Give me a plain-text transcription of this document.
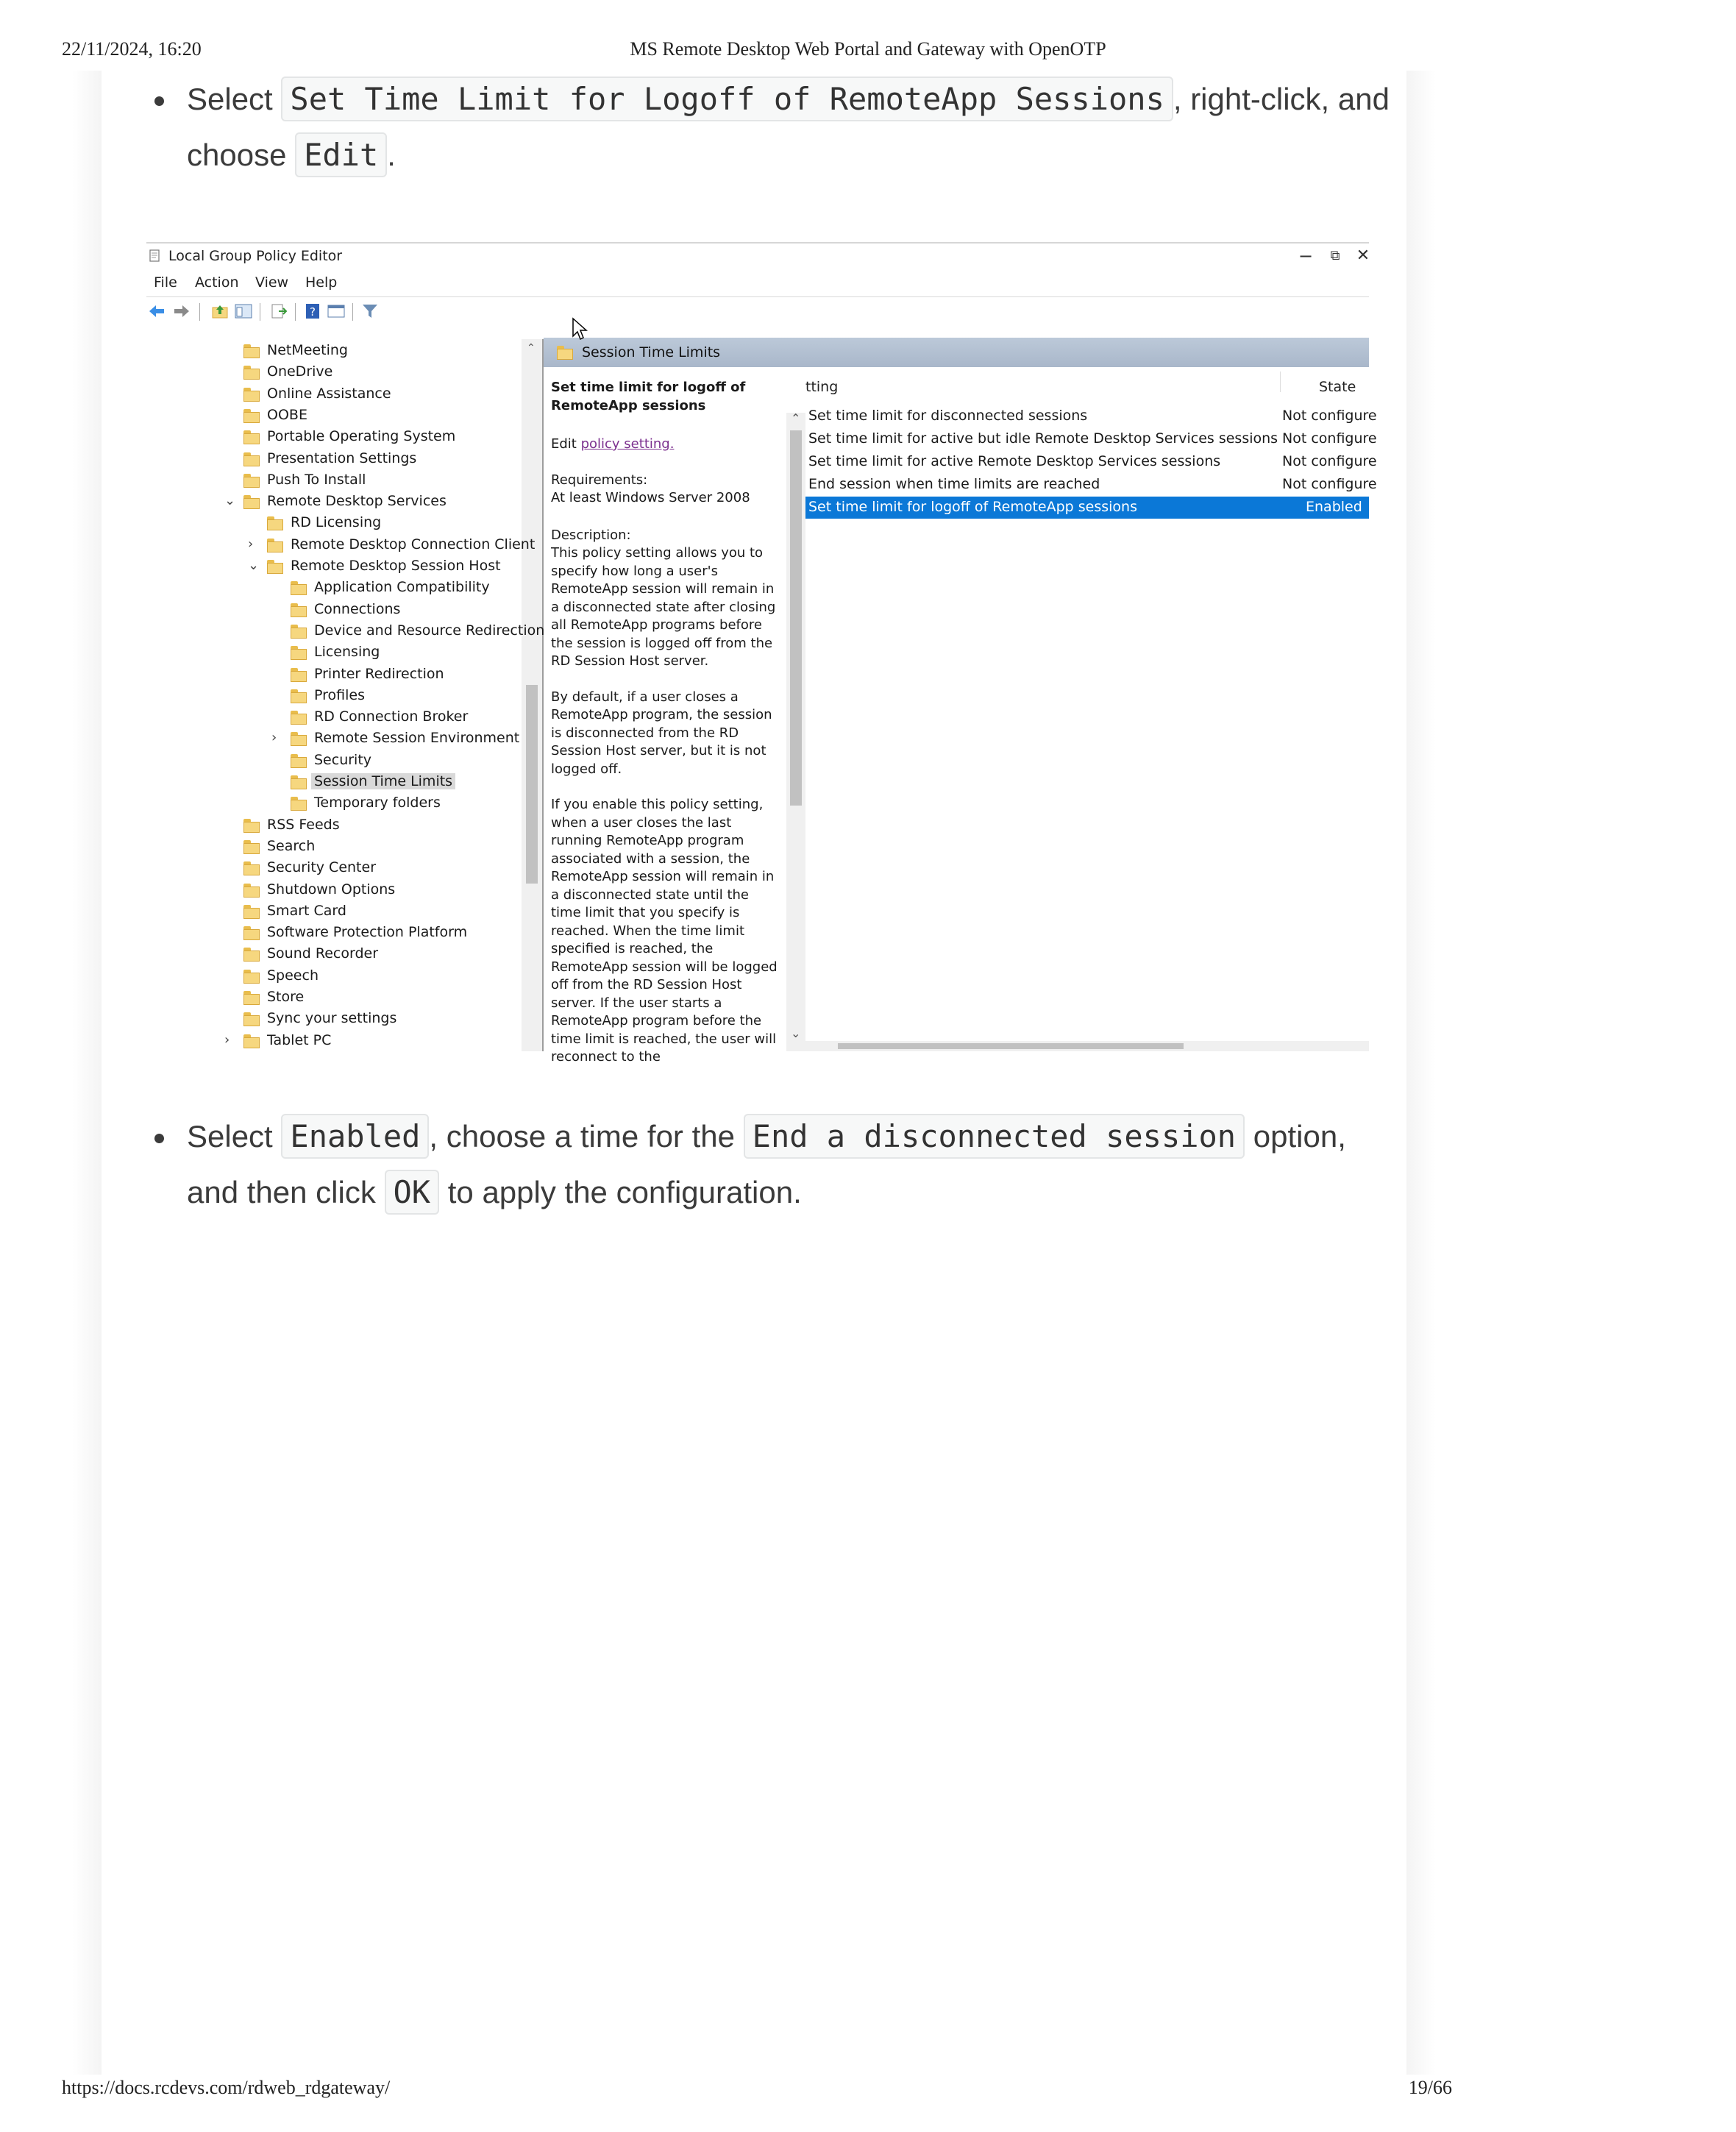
22/11/2024, 16:20	MS Remote Desktop Web Portal and Gateway with OpenOTP
Select Set Time Limit for Logoff of RemoteApp Sessions , right-click, and
choose Edit .
Local Group Policy Editor	−	⧉	✕
File Action View Help
?
⌃	Session Time Limits

Set time limit for logoff of RemoteApp sessions

Edit policy setting.

Requirements:

At least Windows Server 2008

Description:

This policy setting allows you to specify how long a user's RemoteApp session will remain in a disconnected state after closing all RemoteApp programs before the session is logged off from the RD Session Host server.

By default, if a user closes a RemoteApp program, the session is disconnected from the RD Session Host server, but it is not logged off.

If you enable this policy setting, when a user closes the last running RemoteApp program associated with a session, the RemoteApp session will remain in a disconnected state until the time limit that you specify is reached. When the time limit specified is reached, the RemoteApp session will be logged off from the RD Session Host server. If the user starts a RemoteApp program before the time limit is reached, the user will reconnect to the

⌃
⌄
tting	State
NetMeeting
OneDrive
Online Assistance
OOBE
Portable Operating System
Presentation Settings
Push To Install
⌄ Remote Desktop Services
RD Licensing
›	Remote Desktop Connection Client
⌄ Remote Desktop Session Host
Application Compatibility
Connections
Device and Resource Redirection
Licensing
Printer Redirection
Profiles
RD Connection Broker
›	Remote Session Environment
Security
Session Time Limits
Temporary folders
RSS Feeds
Search
Security Center
Shutdown Options
Smart Card
Software Protection Platform
Sound Recorder
Speech
Store
Sync your settings
›	Tablet PC
Set time limit for disconnected sessions	Not configure
Set time limit for active but idle Remote Desktop Services sessions Not configure
Set time limit for active Remote Desktop Services sessions	Not configure
End session when time limits are reached	Not configure
Set time limit for logoff of RemoteApp sessions	Enabled
Select Enabled , choose a time for the End a disconnected session option,
and then click OK to apply the configuration.
https://docs.rcdevs.com/rdweb_rdgateway/	19/66
